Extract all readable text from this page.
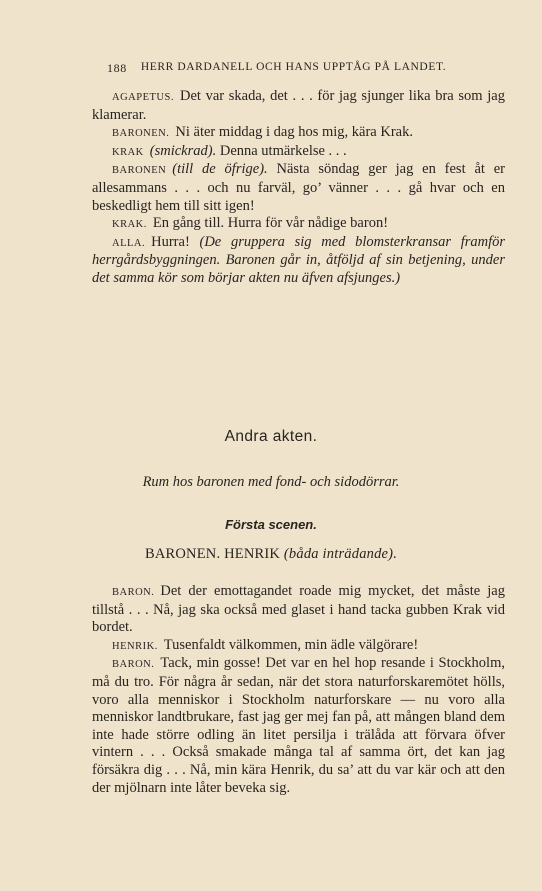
188 HERR DARDANELL OCH HANS UPPTÅG PÅ LANDET.

AGAPETUS. Det var skada, det . . . för jag sjunger lika bra som jag klamerar.

BARONEN. Ni äter middag i dag hos mig, kära Krak.

KRAK (smickrad). Denna utmärkelse . . .

BARONEN (till de öfrige). Nästa söndag ger jag en fest åt er allesammans . . . och nu farväl, go’ vänner . . . gå hvar och en beskedligt hem till sitt igen!

KRAK. En gång till. Hurra för vår nådige baron!

ALLA. Hurra! (De gruppera sig med blomsterkransar framför herrgårdsbyggningen. Baronen går in, åtföljd af sin betjening, under det samma kör som börjar akten nu äfven afsjunges.)

Andra akten.
Rum hos baronen med fond- och sidodörrar.
Första scenen.
BARONEN. HENRIK (båda inträdande).

BARON. Det der emottagandet roade mig mycket, det måste jag tillstå . . . Nå, jag ska också med glaset i hand tacka gubben Krak vid bordet.

HENRIK. Tusenfaldt välkommen, min ädle välgörare!

BARON. Tack, min gosse! Det var en hel hop resande i Stockholm, må du tro. För några år sedan, när det stora naturforskaremötet hölls, voro alla menniskor i Stockholm naturforskare — nu voro alla menniskor landtbrukare, fast jag ger mej fan på, att mången bland dem inte hade större odling än litet persilja i trälåda att förvara öfver vintern . . . Också smakade många tal af samma ört, det kan jag försäkra dig . . . Nå, min kära Henrik, du sa’ att du var kär och att den der mjölnarn inte låter beveka sig.
